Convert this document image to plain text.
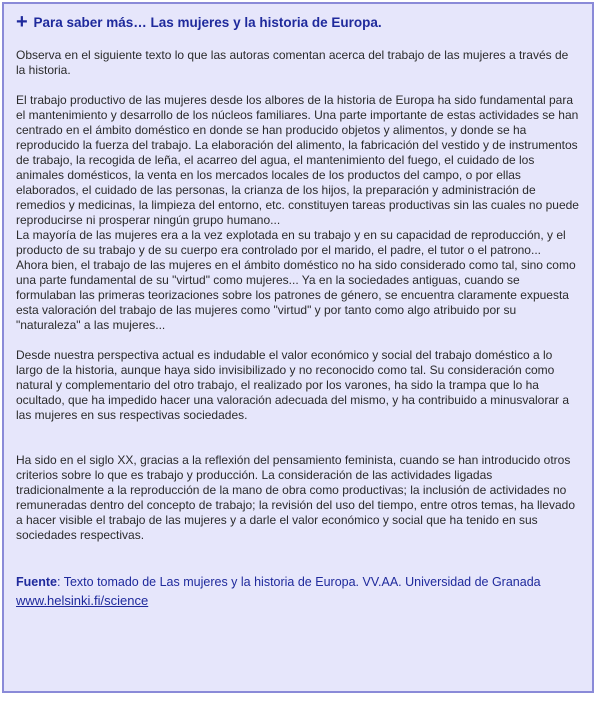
+ Para saber más… Las mujeres y la historia de Europa.

Observa en el siguiente texto lo que las autoras comentan acerca del trabajo de las mujeres a través de la historia.

El trabajo productivo de las mujeres desde los albores de la historia de Europa ha sido fundamental para el mantenimiento y desarrollo de los núcleos familiares. Una parte importante de estas actividades se han centrado en el ámbito doméstico en donde se han producido objetos y alimentos, y donde se ha reproducido la fuerza del trabajo. La elaboración del alimento, la fabricación del vestido y de instrumentos de trabajo, la recogida de leña, el acarreo del agua, el mantenimiento del fuego, el cuidado de los animales domésticos, la venta en los mercados locales de los productos del campo, o por ellas elaborados, el cuidado de las personas, la crianza de los hijos, la preparación y administración de remedios y medicinas, la limpieza del entorno, etc. constituyen tareas productivas sin las cuales no puede reproducirse ni prosperar ningún grupo humano...

La mayoría de las mujeres era a la vez explotada en su trabajo y en su capacidad de reproducción, y el producto de su trabajo y de su cuerpo era controlado por el marido, el padre, el tutor o el patrono...

Ahora bien, el trabajo de las mujeres en el ámbito doméstico no ha sido considerado como tal, sino como una parte fundamental de su "virtud" como mujeres... Ya en la sociedades antiguas, cuando se formulaban las primeras teorizaciones sobre los patrones de género, se encuentra claramente expuesta esta valoración del trabajo de las mujeres como "virtud" y por tanto como algo atribuido por su "naturaleza" a las mujeres...

Desde nuestra perspectiva actual es indudable el valor económico y social del trabajo doméstico a lo largo de la historia, aunque haya sido invisibilizado y no reconocido como tal. Su consideración como natural y complementario del otro trabajo, el realizado por los varones, ha sido la trampa que lo ha ocultado, que ha impedido hacer una valoración adecuada del mismo, y ha contribuido a minusvalorar a las mujeres en sus respectivas sociedades.

Ha sido en el siglo XX, gracias a la reflexión del pensamiento feminista, cuando se han introducido otros criterios sobre lo que es trabajo y producción. La consideración de las actividades ligadas tradicionalmente a la reproducción de la mano de obra como productivas; la inclusión de actividades no remuneradas dentro del concepto de trabajo; la revisión del uso del tiempo, entre otros temas, ha llevado a hacer visible el trabajo de las mujeres y a darle el valor económico y social que ha tenido en sus sociedades respectivas.

Fuente: Texto tomado de Las mujeres y la historia de Europa. VV.AA. Universidad de Granada
www.helsinki.fi/science
